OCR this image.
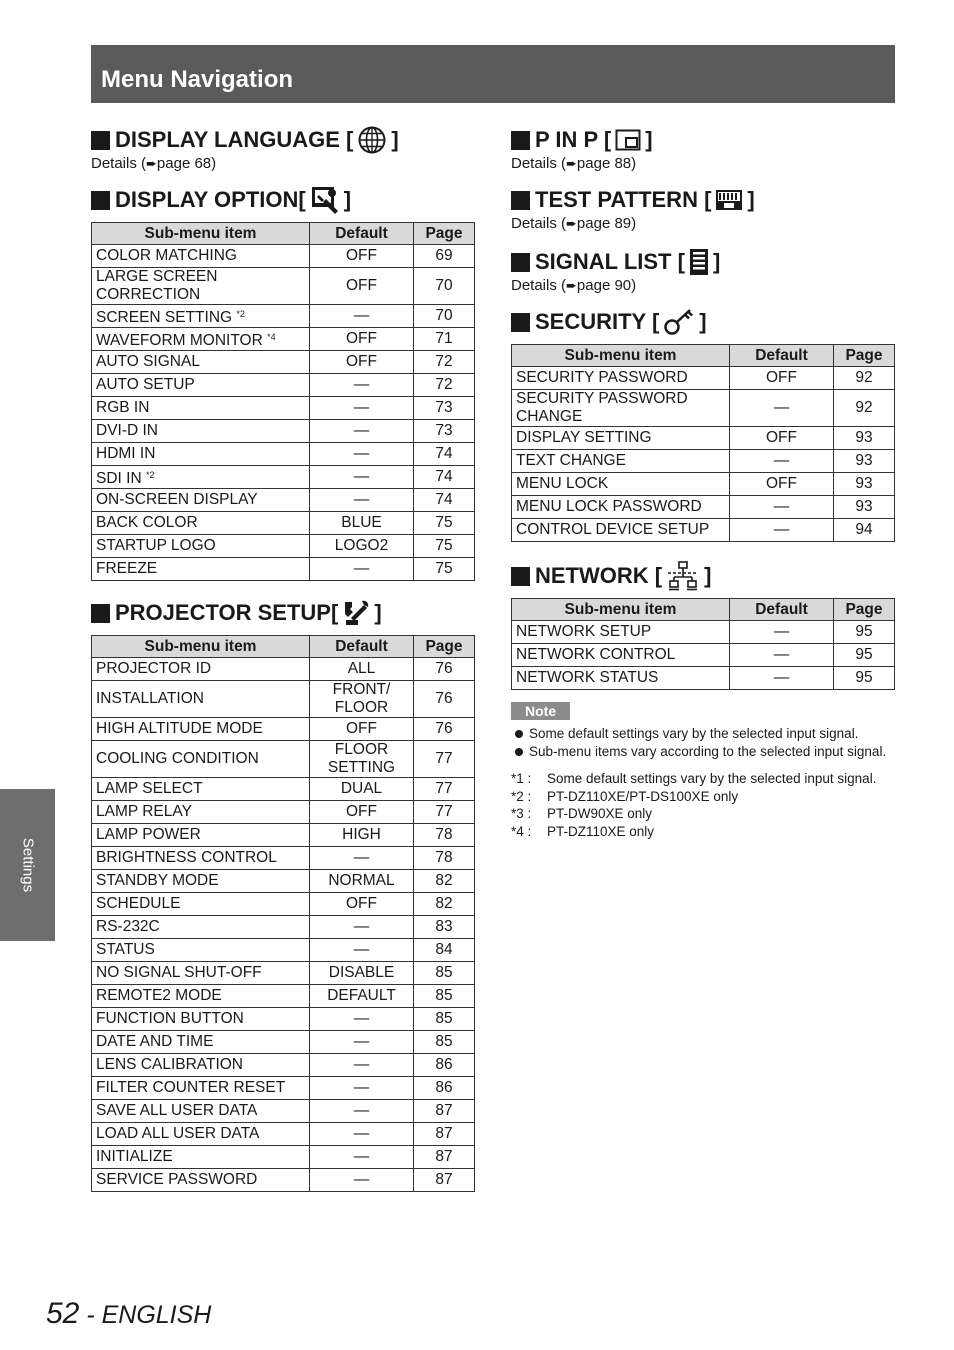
Menu Navigation
Settings
DISPLAY LANGUAGE [ ]
Details (➨page 68)
DISPLAY OPTION[ ]
Sub-menu item	Default	Page
COLOR MATCHING	OFF	69
LARGE SCREEN CORRECTION	OFF	70
SCREEN SETTING $^{*2}$	—	70
WAVEFORM MONITOR $^{*4}$	OFF	71
AUTO SIGNAL	OFF	72
AUTO SETUP	—	72
RGB IN	—	73
DVI-D IN	—	73
HDMI IN	—	74
SDI IN $^{*2}$	—	74
ON-SCREEN DISPLAY	—	74
BACK COLOR	BLUE	75
STARTUP LOGO	LOGO2	75
FREEZE	—	75
PROJECTOR SETUP[ ]
Sub-menu item	Default	Page
PROJECTOR ID	ALL	76
INSTALLATION	FRONT/ FLOOR	76
HIGH ALTITUDE MODE	OFF	76
COOLING CONDITION	FLOOR SETTING	77
LAMP SELECT	DUAL	77
LAMP RELAY	OFF	77
LAMP POWER	HIGH	78
BRIGHTNESS CONTROL	—	78
STANDBY MODE	NORMAL	82
SCHEDULE	OFF	82
RS-232C	—	83
STATUS	—	84
NO SIGNAL SHUT-OFF	DISABLE	85
REMOTE2 MODE	DEFAULT	85
FUNCTION BUTTON	—	85
DATE AND TIME	—	85
LENS CALIBRATION	—	86
FILTER COUNTER RESET	—	86
SAVE ALL USER DATA	—	87
LOAD ALL USER DATA	—	87
INITIALIZE	—	87
SERVICE PASSWORD	—	87
P IN P [ ]
Details (➨page 88)
TEST PATTERN [ ]
Details (➨page 89)
SIGNAL LIST [ ]
Details (➨page 90)
SECURITY [ ]
Sub-menu item	Default	Page
SECURITY PASSWORD	OFF	92
SECURITY PASSWORD CHANGE	—	92
DISPLAY SETTING	OFF	93
TEXT CHANGE	—	93
MENU LOCK	OFF	93
MENU LOCK PASSWORD	—	93
CONTROL DEVICE SETUP	—	94
NETWORK [ ]
Sub-menu item	Default	Page
NETWORK SETUP	—	95
NETWORK CONTROL	—	95
NETWORK STATUS	—	95
Note
Some default settings vary by the selected input signal.
Sub-menu items vary according to the selected input signal.
*1 :	Some default settings vary by the selected input signal.
*2 :	PT-DZ110XE/PT-DS100XE only
*3 :	PT-DW90XE only
*4 :	PT-DZ110XE only
52 - ENGLISH
